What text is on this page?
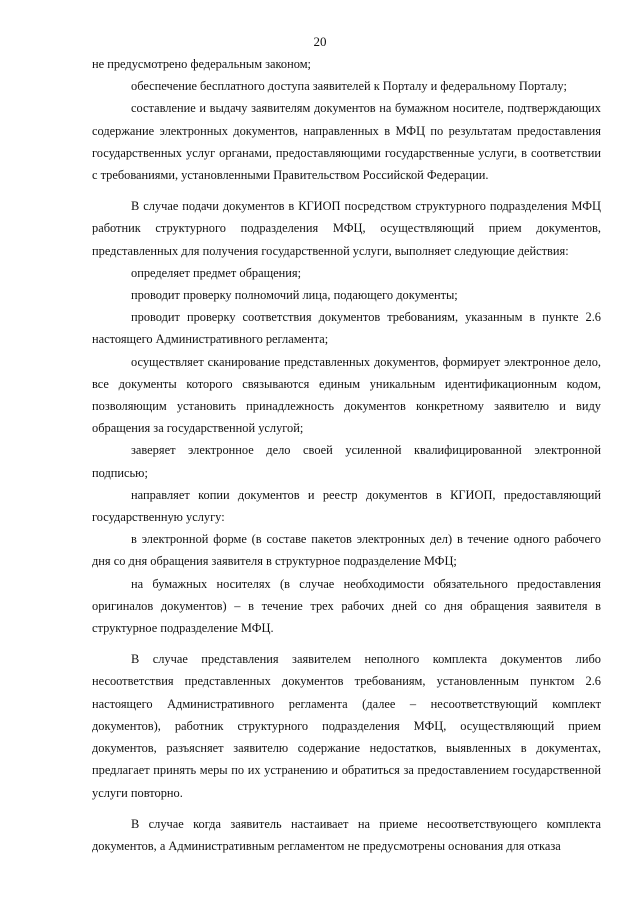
20

не предусмотрено федеральным законом;

обеспечение бесплатного доступа заявителей к Порталу и федеральному Порталу;

составление и выдачу заявителям документов на бумажном носителе, подтверждающих содержание электронных документов, направленных в МФЦ по результатам предоставления государственных услуг органами, предоставляющими государственные услуги, в соответствии с требованиями, установленными Правительством Российской Федерации.

В случае подачи документов в КГИОП посредством структурного подразделения МФЦ работник структурного подразделения МФЦ, осуществляющий прием документов, представленных для получения государственной услуги, выполняет следующие действия:

определяет предмет обращения;

проводит проверку полномочий лица, подающего документы;

проводит проверку соответствия документов требованиям, указанным в пункте 2.6 настоящего Административного регламента;

осуществляет сканирование представленных документов, формирует электронное дело, все документы которого связываются единым уникальным идентификационным кодом, позволяющим установить принадлежность документов конкретному заявителю и виду обращения за государственной услугой;

заверяет электронное дело своей усиленной квалифицированной электронной подписью;

направляет копии документов и реестр документов в КГИОП, предоставляющий государственную услугу:

в электронной форме (в составе пакетов электронных дел) в течение одного рабочего дня со дня обращения заявителя в структурное подразделение МФЦ;

на бумажных носителях (в случае необходимости обязательного предоставления оригиналов документов) – в течение трех рабочих дней со дня обращения заявителя в структурное подразделение МФЦ.

В случае представления заявителем неполного комплекта документов либо несоответствия представленных документов требованиям, установленным пунктом 2.6 настоящего Административного регламента (далее – несоответствующий комплект документов), работник структурного подразделения МФЦ, осуществляющий прием документов, разъясняет заявителю содержание недостатков, выявленных в документах, предлагает принять меры по их устранению и обратиться за предоставлением государственной услуги повторно.

В случае когда заявитель настаивает на приеме несоответствующего комплекта документов, а Административным регламентом не предусмотрены основания для отказа
